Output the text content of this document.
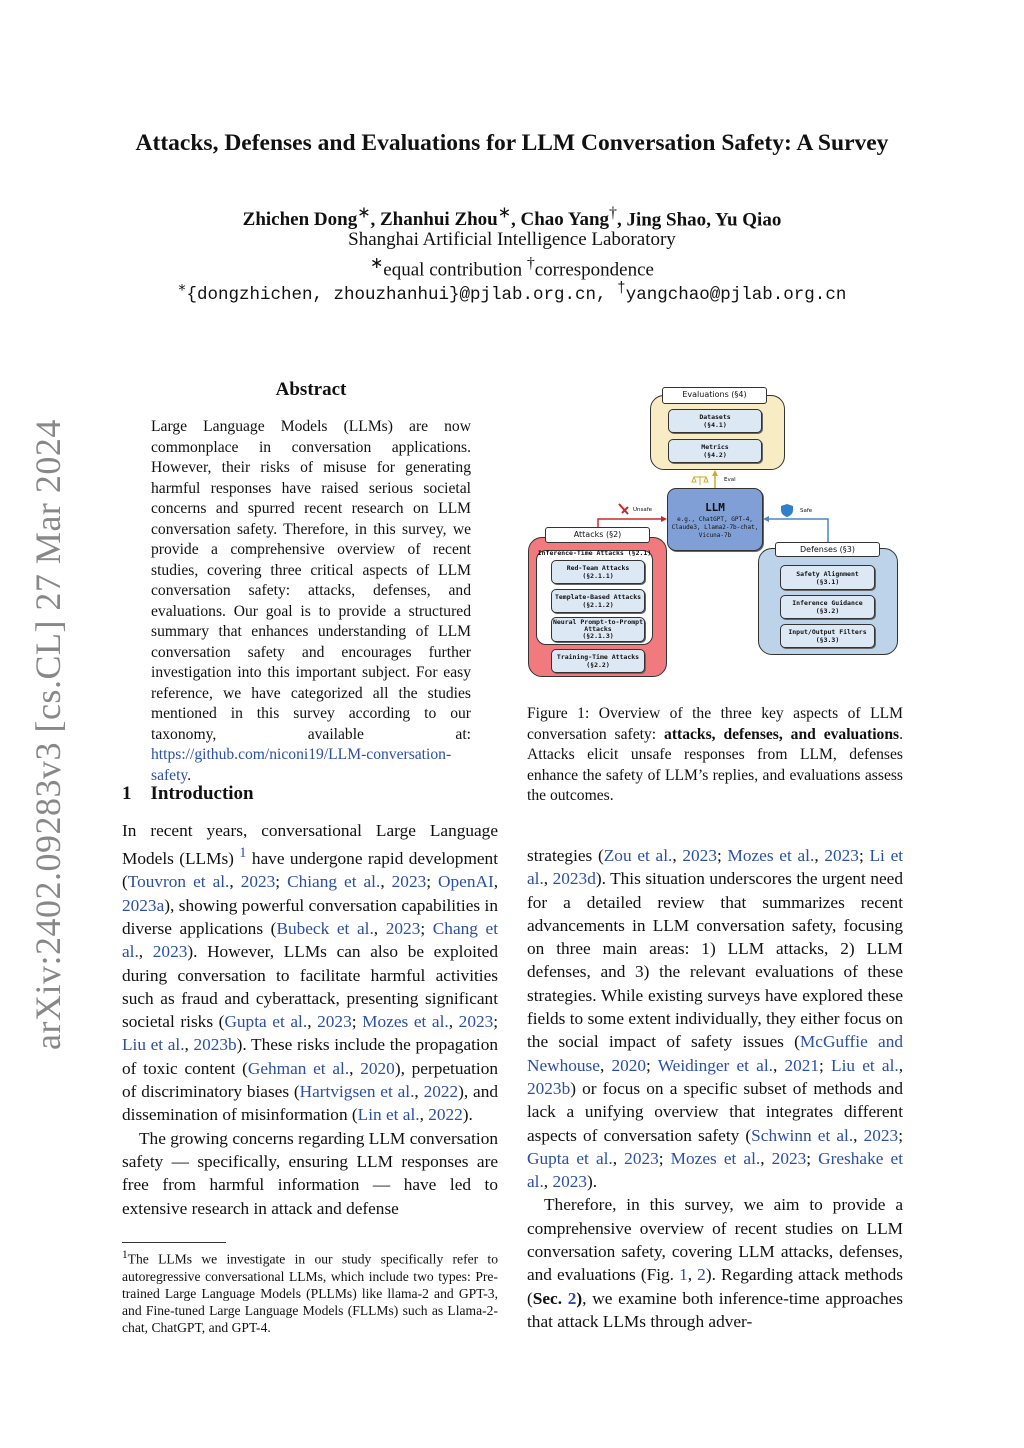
arXiv:2402.09283v3 [cs.CL] 27 Mar 2024
Attacks, Defenses and Evaluations for LLM Conversation Safety: A Survey
Zhichen Dong∗, Zhanhui Zhou∗, Chao Yang†, Jing Shao, Yu Qiao
Shanghai Artificial Intelligence Laboratory
∗equal contribution †correspondence
∗{dongzhichen, zhouzhanhui}@pjlab.org.cn, †yangchao@pjlab.org.cn
Abstract
Large Language Models (LLMs) are now commonplace in conversation applications. However, their risks of misuse for generating harmful responses have raised serious societal concerns and spurred recent research on LLM conversation safety. Therefore, in this survey, we provide a comprehensive overview of recent studies, covering three critical aspects of LLM conversation safety: attacks, defenses, and evaluations. Our goal is to provide a structured summary that enhances understanding of LLM conversation safety and encourages further investigation into this important subject. For easy reference, we have categorized all the studies mentioned in this survey according to our taxonomy, available at: https://github.com/niconi19/LLM-conversation-safety.
1 Introduction

In recent years, conversational Large Language Models (LLMs) $^1$ have undergone rapid development (Touvron et al., 2023; Chiang et al., 2023; OpenAI, 2023a), showing powerful conversation capabilities in diverse applications (Bubeck et al., 2023; Chang et al., 2023). However, LLMs can also be exploited during conversation to facilitate harmful activities such as fraud and cyberattack, presenting significant societal risks (Gupta et al., 2023; Mozes et al., 2023; Liu et al., 2023b). These risks include the propagation of toxic content (Gehman et al., 2020), perpetuation of discriminatory biases (Hartvigsen et al., 2022), and dissemination of misinformation (Lin et al., 2022).

The growing concerns regarding LLM conversation safety — specifically, ensuring LLM responses are free from harmful information — have led to extensive research in attack and defense

$^1$The LLMs we investigate in our study specifically refer to autoregressive conversational LLMs, which include two types: Pre-trained Large Language Models (PLLMs) like llama-2 and GPT-3, and Fine-tuned Large Language Models (FLLMs) such as Llama-2-chat, ChatGPT, and GPT-4.

strategies (Zou et al., 2023; Mozes et al., 2023; Li et al., 2023d). This situation underscores the urgent need for a detailed review that summarizes recent advancements in LLM conversation safety, focusing on three main areas: 1) LLM attacks, 2) LLM defenses, and 3) the relevant evaluations of these strategies. While existing surveys have explored these fields to some extent individually, they either focus on the social impact of safety issues (McGuffie and Newhouse, 2020; Weidinger et al., 2021; Liu et al., 2023b) or focus on a specific subset of methods and lack a unifying overview that integrates different aspects of conversation safety (Schwinn et al., 2023; Gupta et al., 2023; Mozes et al., 2023; Greshake et al., 2023).

Therefore, in this survey, we aim to provide a comprehensive overview of recent studies on LLM conversation safety, covering LLM attacks, defenses, and evaluations (Fig. 1, 2). Regarding attack methods (Sec. 2), we examine both inference-time approaches that attack LLMs through adver-

Eval
Unsafe	Safe
Evaluations (§4)
Datasets
(§4.1)
Metrics
(§4.2)
LLM
e.g., ChatGPT, GPT-4, Claude3, Llama2-7b-chat, Vicuna-7b
Attacks (§2)
Inference-Time Attacks (§2.1)
Red-Team Attacks
(§2.1.1)
Template-Based Attacks
(§2.1.2)
Neural Prompt-to-Prompt Attacks
(§2.1.3)
Training-Time Attacks
(§2.2)
Defenses (§3)
Safety Alignment
(§3.1)
Inference Guidance
(§3.2)
Input/Output Filters
(§3.3)
Figure 1: Overview of the three key aspects of LLM conversation safety: attacks, defenses, and evaluations. Attacks elicit unsafe responses from LLM, defenses enhance the safety of LLM’s replies, and evaluations assess the outcomes.
